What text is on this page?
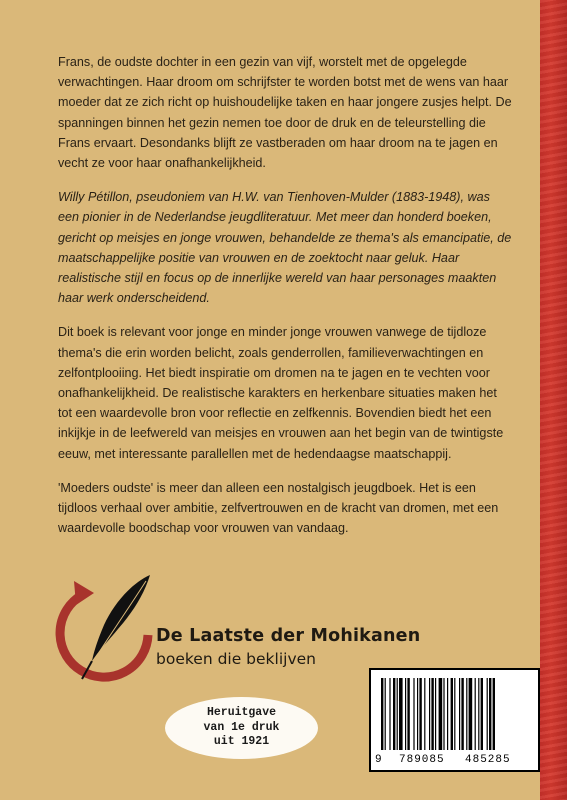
Frans, de oudste dochter in een gezin van vijf, worstelt met de opgelegde verwachtingen. Haar droom om schrijfster te worden botst met de wens van haar moeder dat ze zich richt op huishoudelijke taken en haar jongere zusjes helpt. De spanningen binnen het gezin nemen toe door de druk en de teleurstelling die Frans ervaart. Desondanks blijft ze vastberaden om haar droom na te jagen en vecht ze voor haar onafhankelijkheid.

Willy Pétillon, pseudoniem van H.W. van Tienhoven-Mulder (1883-1948), was een pionier in de Nederlandse jeugdliteratuur. Met meer dan honderd boeken, gericht op meisjes en jonge vrouwen, behandelde ze thema's als emancipatie, de maatschappelijke positie van vrouwen en de zoektocht naar geluk. Haar realistische stijl en focus op de innerlijke wereld van haar personages maakten haar werk onderscheidend.

Dit boek is relevant voor jonge en minder jonge vrouwen vanwege de tijdloze thema's die erin worden belicht, zoals genderrollen, familieverwachtingen en zelfontplooiing. Het biedt inspiratie om dromen na te jagen en te vechten voor onafhankelijkheid. De realistische karakters en herkenbare situaties maken het tot een waardevolle bron voor reflectie en zelfkennis. Bovendien biedt het een inkijkje in de leefwereld van meisjes en vrouwen aan het begin van de twintigste eeuw, met interessante parallellen met de hedendaagse maatschappij.

'Moeders oudste' is meer dan alleen een nostalgisch jeugdboek. Het is een tijdloos verhaal over ambitie, zelfvertrouwen en de kracht van dromen, met een waardevolle boodschap voor vrouwen van vandaag.

De Laatste der Mohikanen
boeken die beklijven
Heruitgave
van 1e druk
uit 1921
9 789085 485285
